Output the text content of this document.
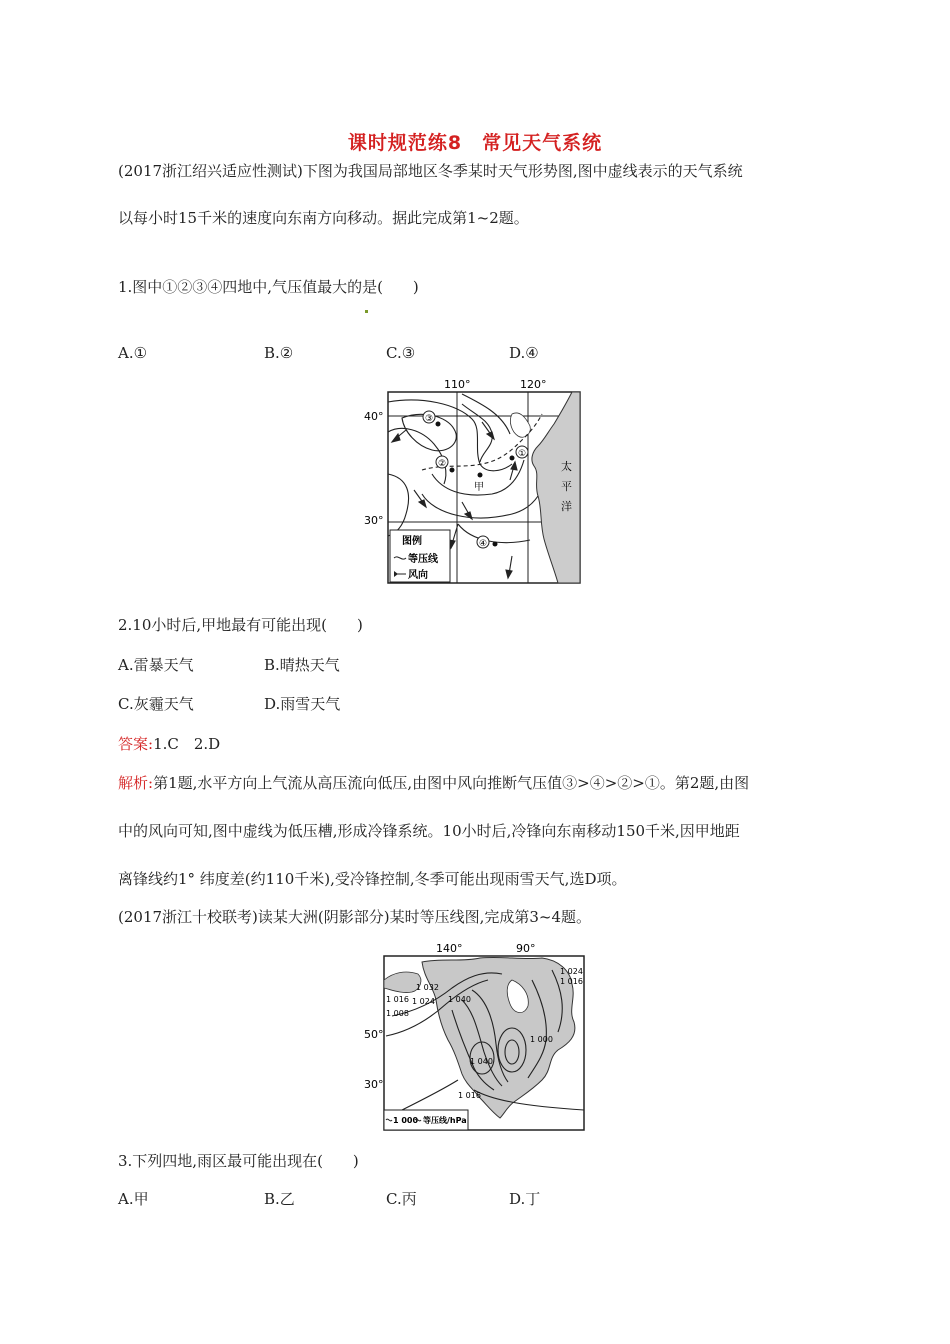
课时规范练8　常见天气系统
(2017浙江绍兴适应性测试)下图为我国局部地区冬季某时天气形势图,图中虚线表示的天气系统
以每小时15千米的速度向东南方向移动。据此完成第1~2题。
1.图中①②③④四地中,气压值最大的是(　　)
A.①	B.②	C.③	D.④
110°	120°
40°
30°
太
平
洋
③
②
甲
①
④
图例
等压线
风向
2.10小时后,甲地最有可能出现(　　)
A.雷暴天气	B.晴热天气
C.灰霾天气	D.雨雪天气
答案:1.C　2.D
解析:第1题,水平方向上气流从高压流向低压,由图中风向推断气压值③>④>②>①。第2题,由图
中的风向可知,图中虚线为低压槽,形成冷锋系统。10小时后,冷锋向东南移动150千米,因甲地距
离锋线约1° 纬度差(约110千米),受冷锋控制,冬季可能出现雨雪天气,选D项。
(2017浙江十校联考)读某大洲(阴影部分)某时等压线图,完成第3~4题。
140°	90°
50°
30°
1 032
1 040
1 024
1 016
1 008
1 024
1 016
1 040
1 000
1 016
1 000 等压线/hPa
3.下列四地,雨区最可能出现在(　　)
A.甲	B.乙	C.丙	D.丁
